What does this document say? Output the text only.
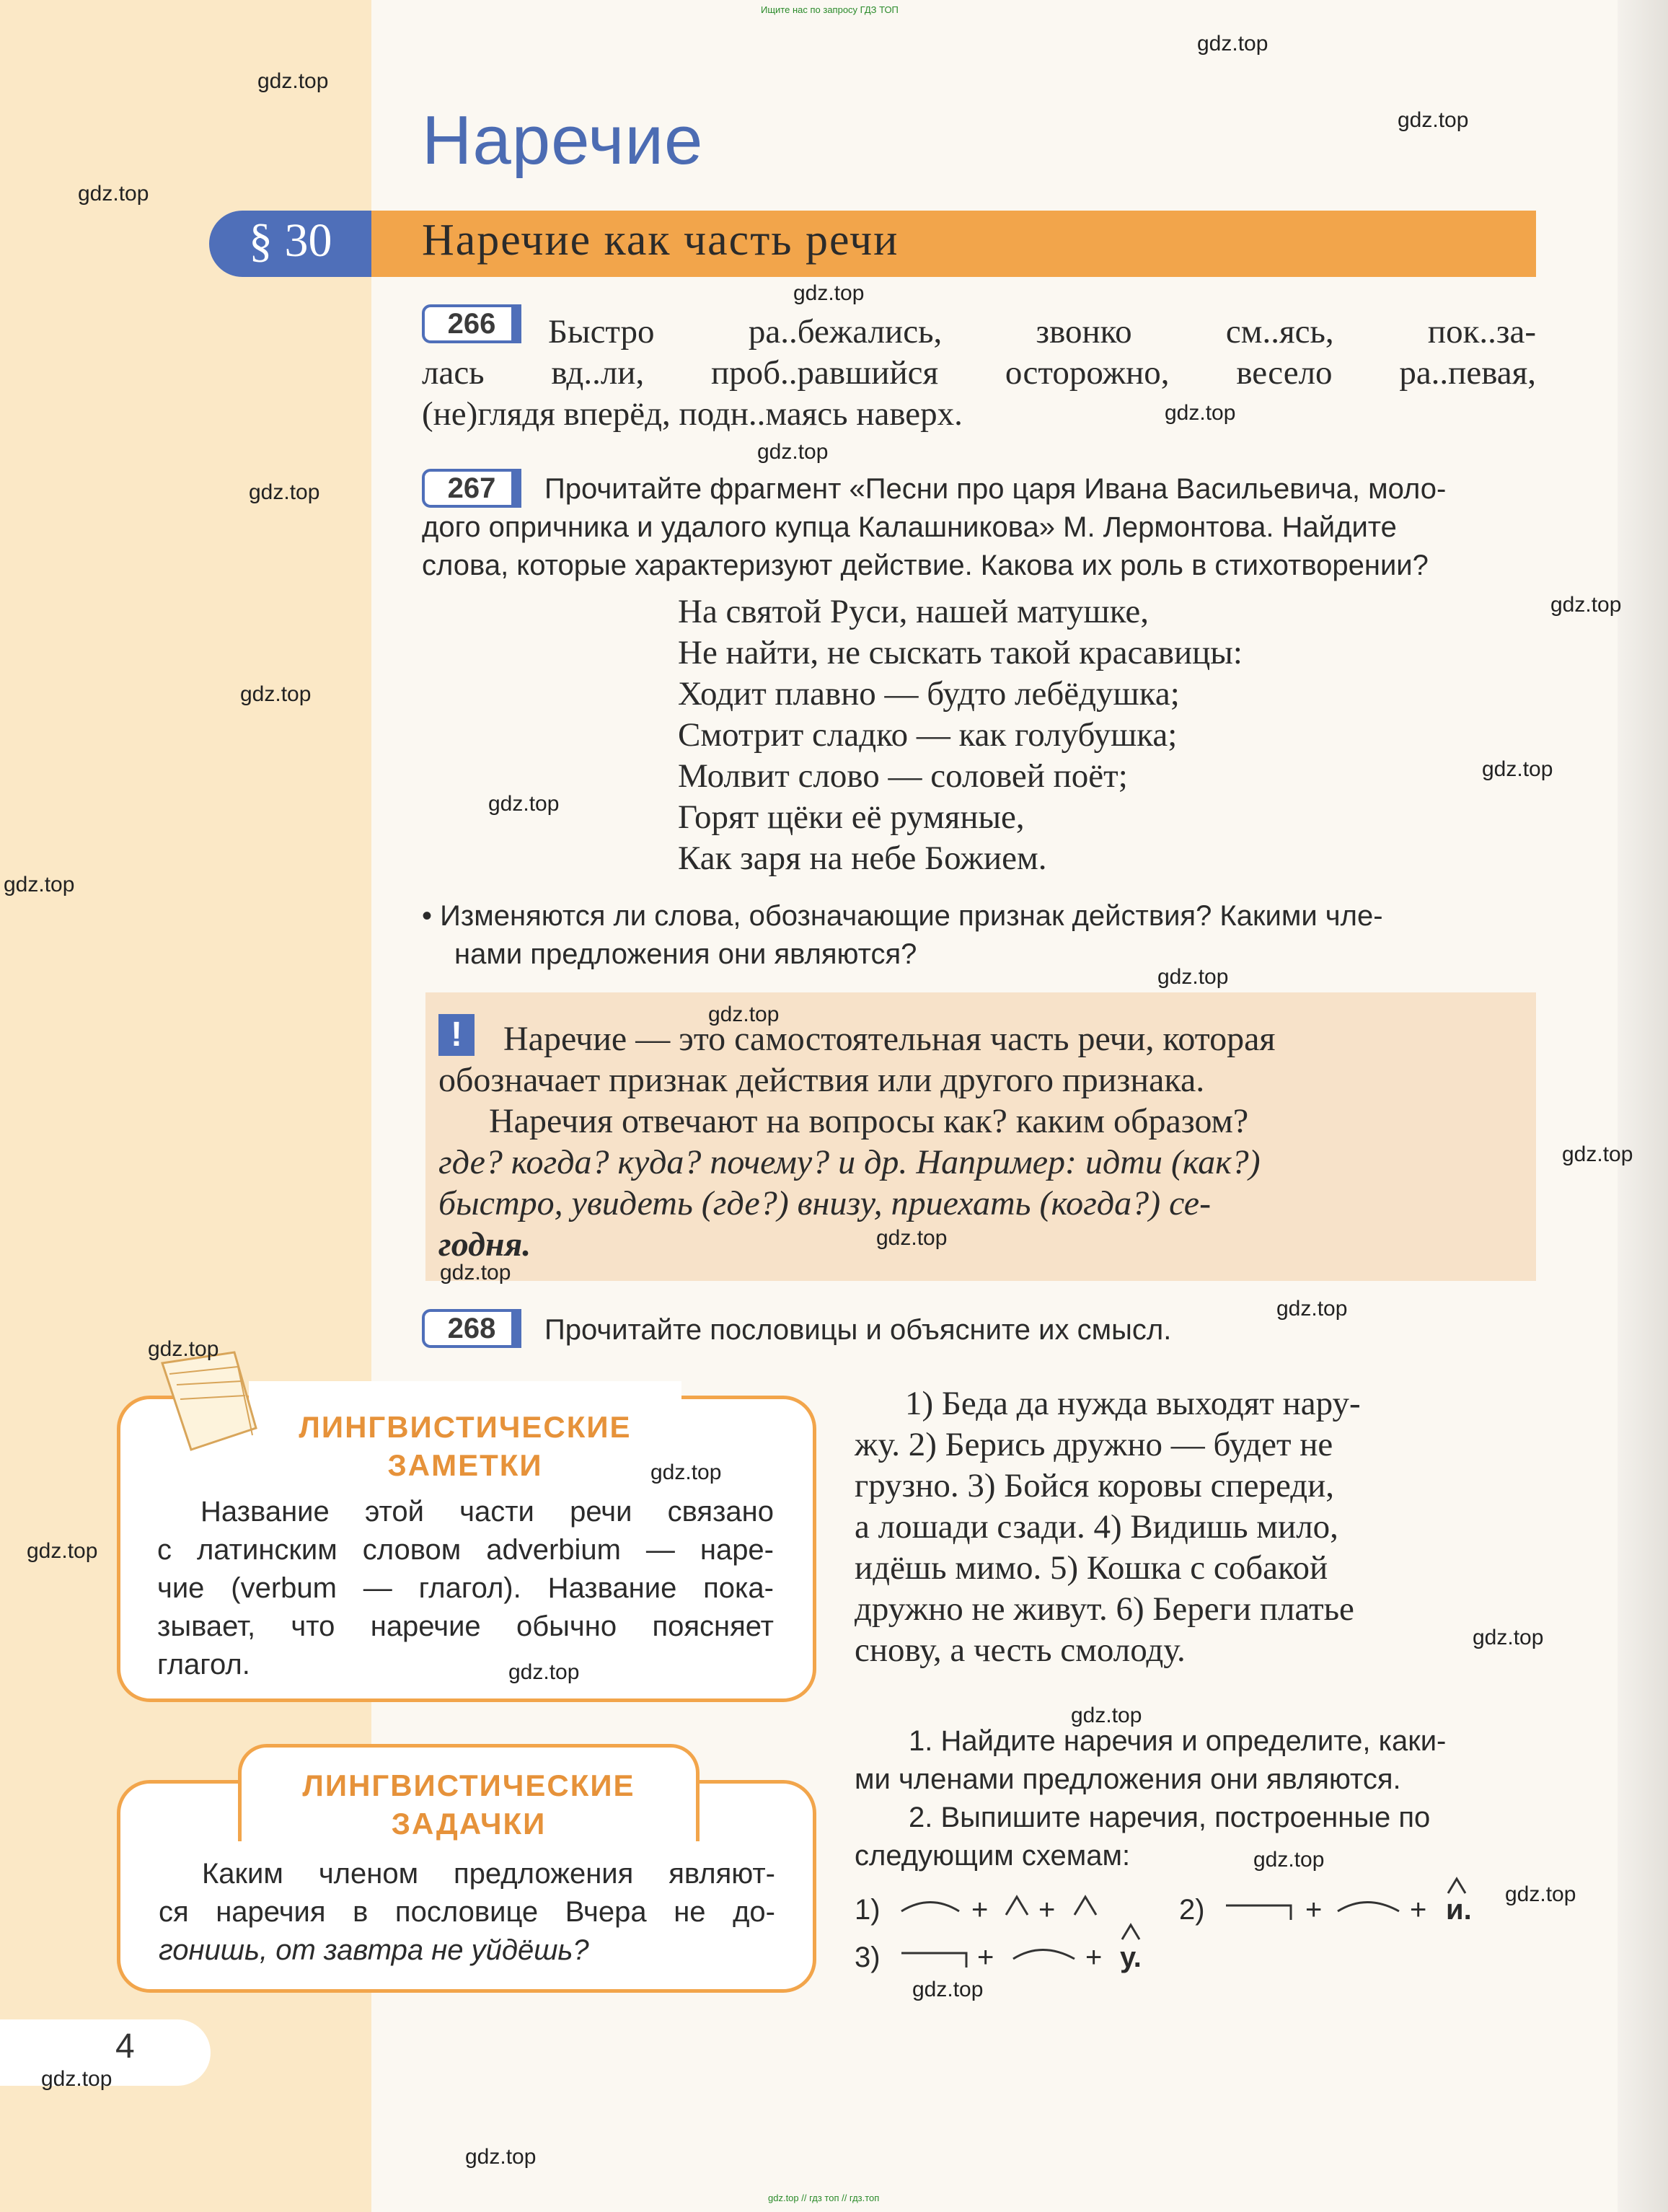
Ищите нас по запросу ГДЗ ТОП
Наречие
§ 30 Наречие как часть речи
266	Быстро ра..бежались, звонко см..ясь, пок..за-
лась вд..ли, проб..равшийся осторожно, весело ра..певая,
(не)глядя вперёд, подн..маясь наверх.
267	Прочитайте фрагмент «Песни про царя Ивана Васильевича, моло-
дого опричника и удалого купца Калашникова» М. Лермонтова. Найдите
слова, которые характеризуют действие. Какова их роль в стихотворении?
На святой Руси, нашей матушке,
Не найти, не сыскать такой красавицы:
Ходит плавно — будто лебёдушка;
Смотрит сладко — как голубушка;
Молвит слово — соловей поёт;
Горят щёки её румяные,
Как заря на небе Божием.
• Изменяются ли слова, обозначающие признак действия? Какими чле-
нами предложения они являются?
!	Наречие — это самостоятельная часть речи, которая
обозначает признак действия или другого признака.
Наречия отвечают на вопросы как? каким образом?
где? когда? куда? почему? и др. Например: идти (как?)
быстро, увидеть (где?) внизу, приехать (когда?) се-
годня.
268	Прочитайте пословицы и объясните их смысл.
1) Беда да нужда выходят нару-
жу. 2) Берись дружно — будет не
грузно. 3) Бойся коровы спереди,
а лошади сзади. 4) Видишь мило,
идёшь мимо. 5) Кошка с собакой
дружно не живут. 6) Береги платье
снову, а честь смолоду.
1. Найдите наречия и определите, каки-
ми членами предложения они являются.
2. Выпишите наречия, построенные по
следующим схемам:
1)	+ +	2)	+	+ и.
3)	+	+ у.
ЛИНГВИСТИЧЕСКИЕ
ЗАМЕТКИ
Название этой части речи связано
с латинским словом adverbium — наре-
чие (verbum — глагол). Название пока-
зывает, что наречие обычно поясняет
глагол.
ЛИНГВИСТИЧЕСКИЕ
ЗАДАЧКИ
Каким членом предложения являют-
ся наречия в пословице Вчера не до-
гонишь, от завтра не уйдёшь?
4
gdz.top
gdz.top
gdz.top
gdz.top
gdz.top
gdz.top
gdz.top
gdz.top
gdz.top
gdz.top
gdz.top
gdz.top
gdz.top
gdz.top
gdz.top
gdz.top
gdz.top
gdz.top
gdz.top
gdz.top
gdz.top
gdz.top
gdz.top
gdz.top
gdz.top
gdz.top
gdz.top
gdz.top
gdz.top
gdz.top
gdz.top // гдз топ // гдз.топ
